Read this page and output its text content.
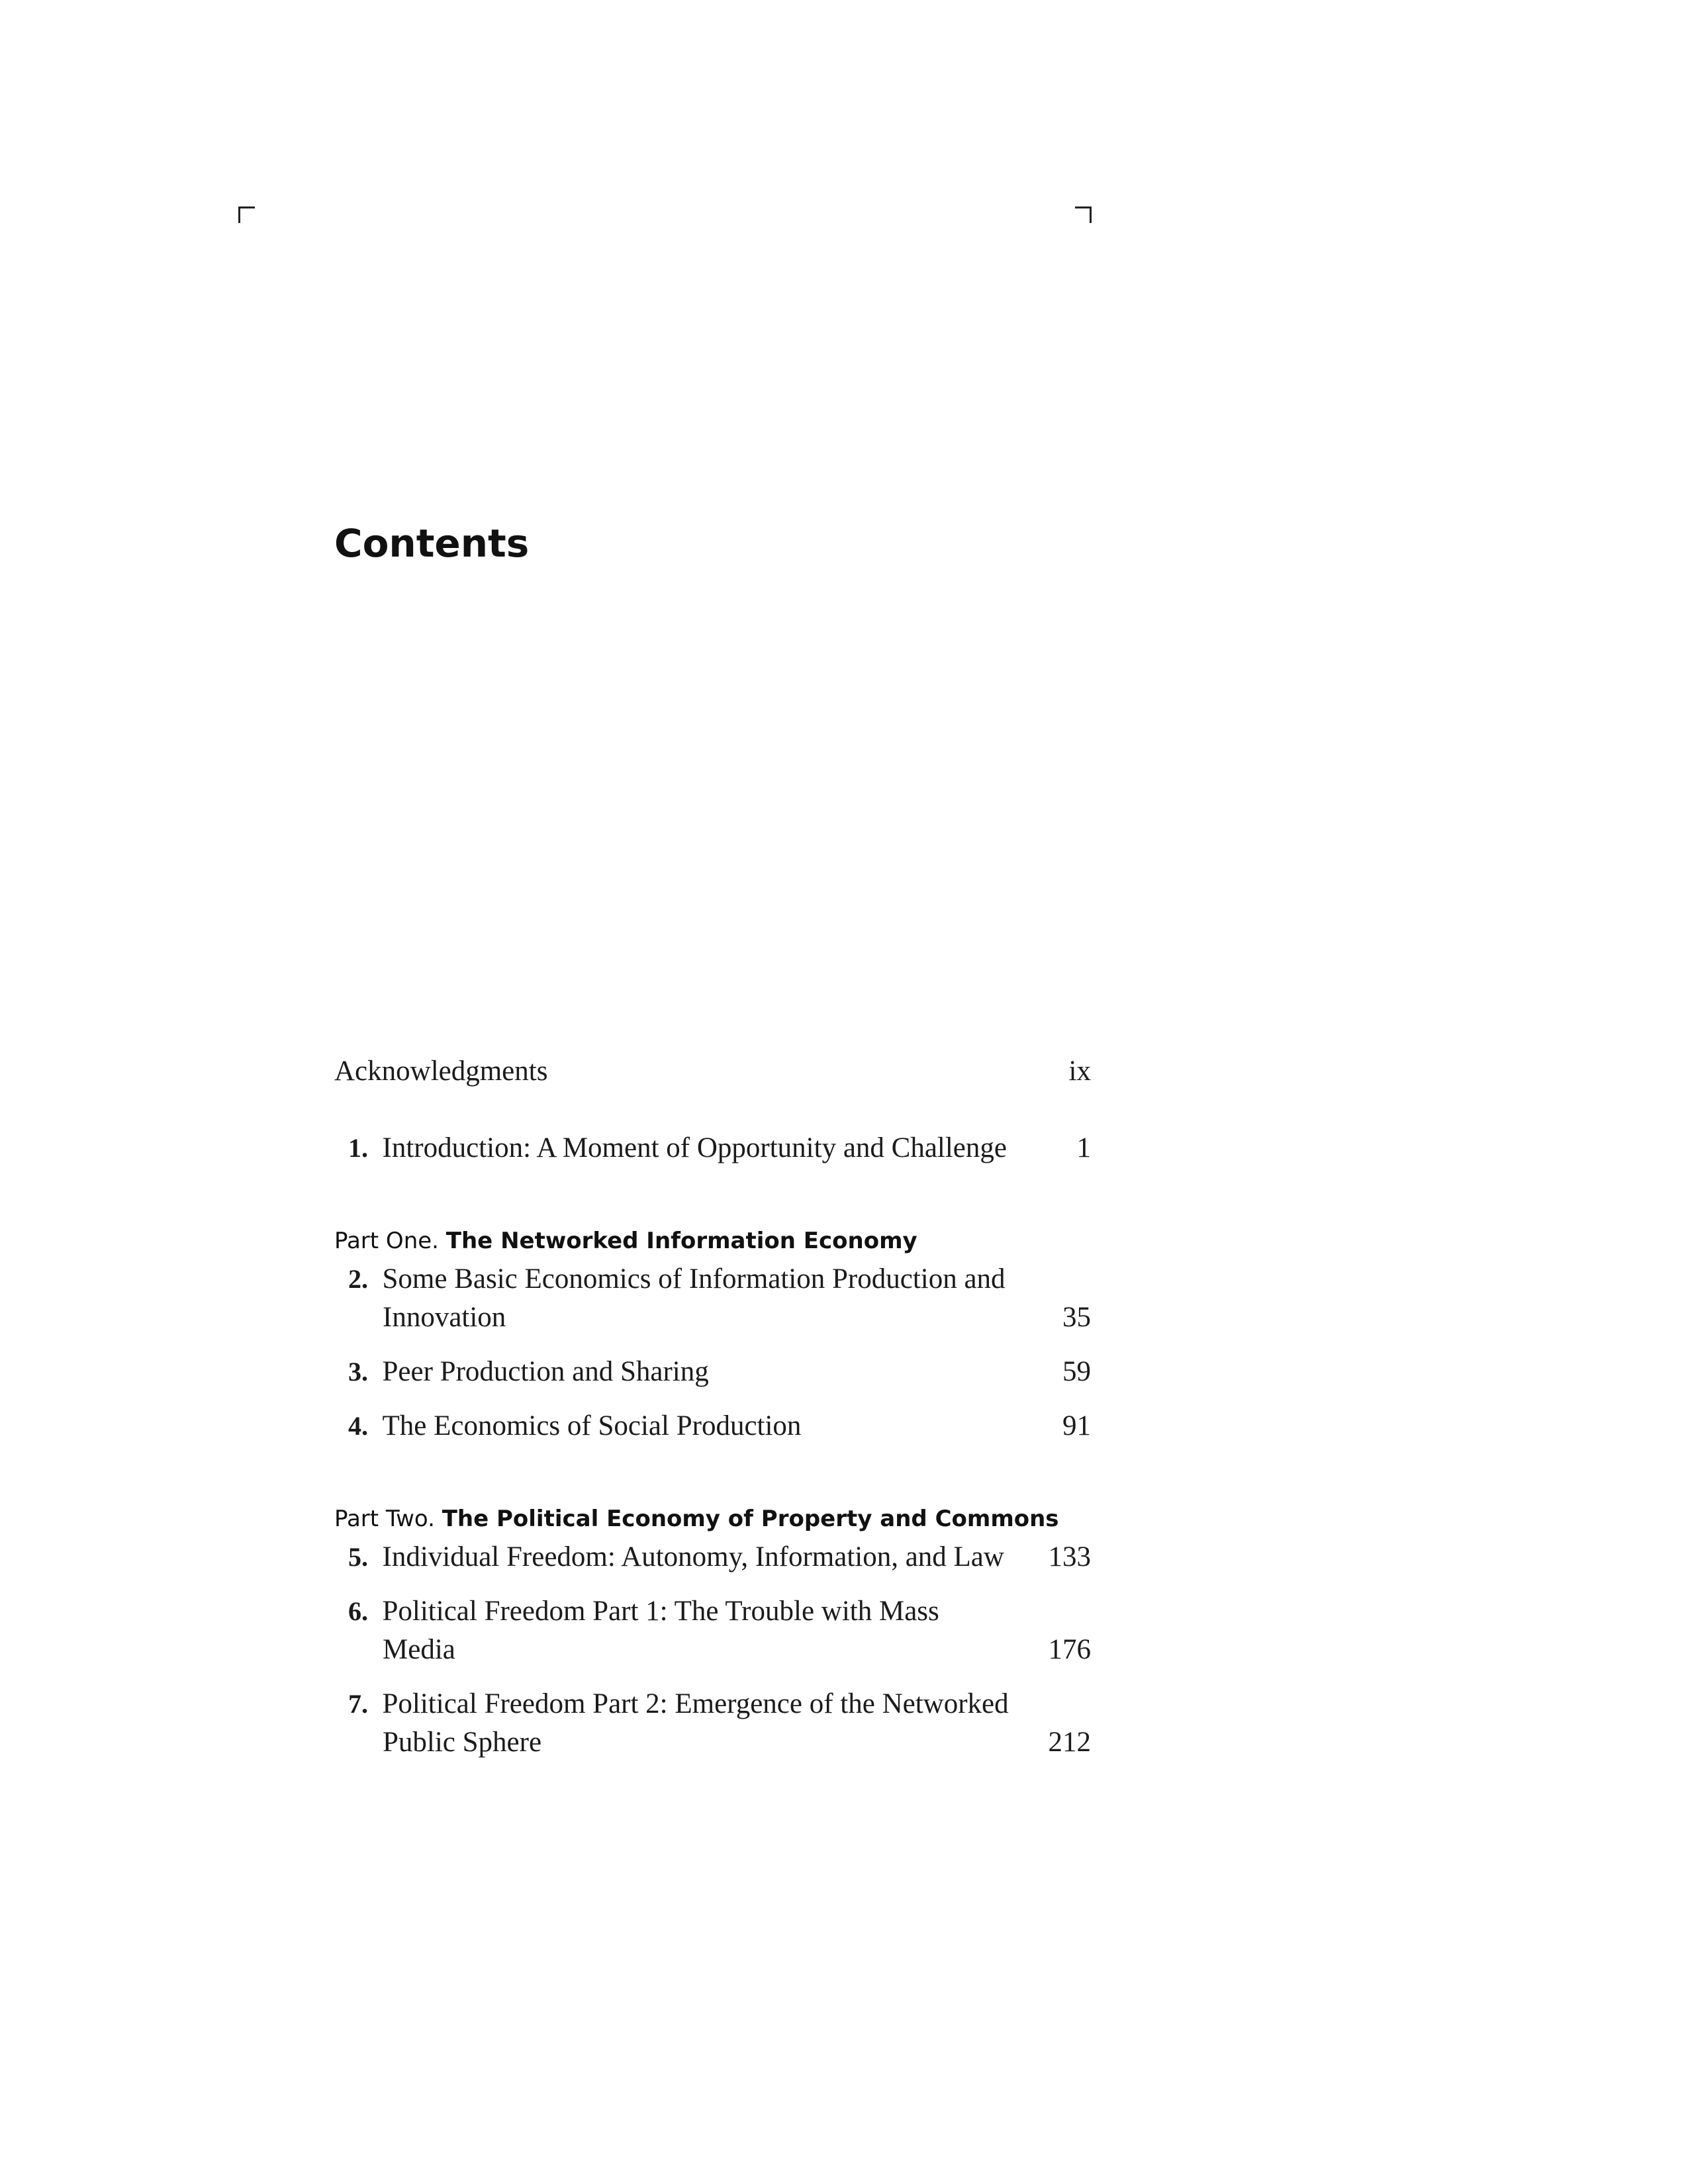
Contents
Acknowledgments	ix
1. Introduction: A Moment of Opportunity and Challenge	1
Part One. The Networked Information Economy
2. Some Basic Economics of Information Production and Innovation	35
3. Peer Production and Sharing	59
4. The Economics of Social Production	91
Part Two. The Political Economy of Property and Commons
5. Individual Freedom: Autonomy, Information, and Law	133
6. Political Freedom Part 1: The Trouble with Mass Media	176
7. Political Freedom Part 2: Emergence of the Networked Public Sphere	212
